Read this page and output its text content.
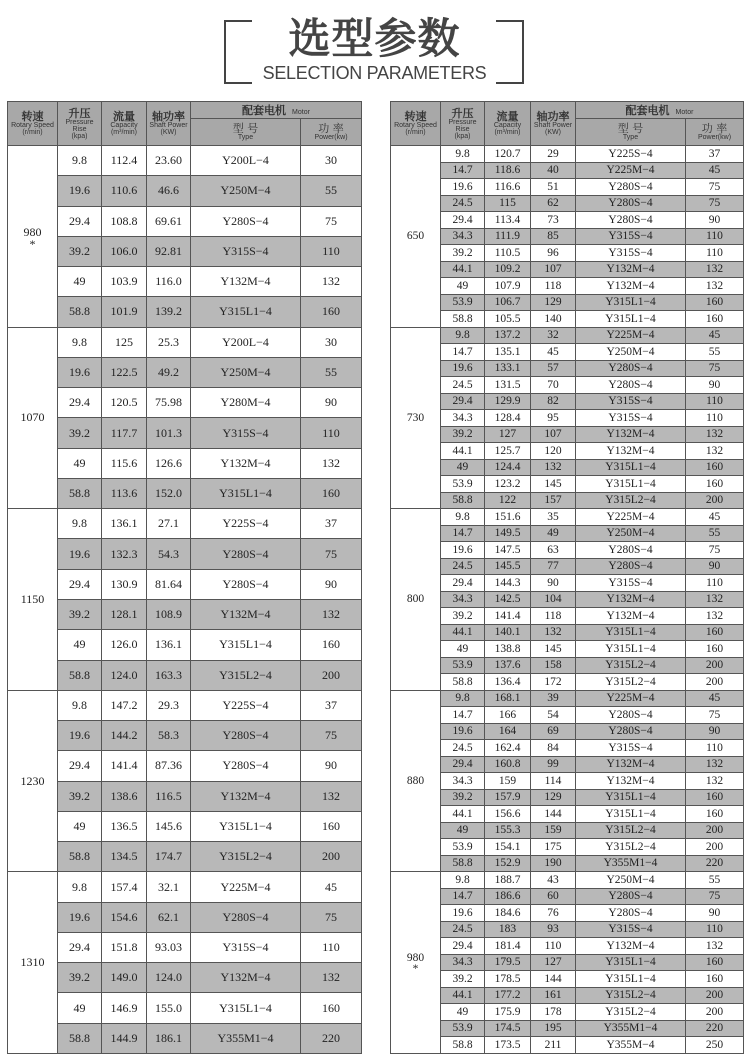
选型参数
SELECTION PARAMETERS
转速
Rotary Speed
(r/min)	升压
Pressure Rise
(kpa)	流量
Capacity
(m³/min)	轴功率
Shaft Power
(KW)	配套电机 Motor	

				型 号
Type	功 率
Power(kw)

980
*	9.8	112.4	23.60	Y200L−4	30
	19.6	110.6	46.6	Y250M−4	55
	29.4	108.8	69.61	Y280S−4	75
	39.2	106.0	92.81	Y315S−4	110
	49	103.9	116.0	Y132M−4	132
	58.8	101.9	139.2	Y315L1−4	160

1070	9.8	125	25.3	Y200L−4	30
	19.6	122.5	49.2	Y250M−4	55
	29.4	120.5	75.98	Y280M−4	90
	39.2	117.7	101.3	Y315S−4	110
	49	115.6	126.6	Y132M−4	132
	58.8	113.6	152.0	Y315L1−4	160

1150	9.8	136.1	27.1	Y225S−4	37
	19.6	132.3	54.3	Y280S−4	75
	29.4	130.9	81.64	Y280S−4	90
	39.2	128.1	108.9	Y132M−4	132
	49	126.0	136.1	Y315L1−4	160
	58.8	124.0	163.3	Y315L2−4	200

1230	9.8	147.2	29.3	Y225S−4	37
	19.6	144.2	58.3	Y280S−4	75
	29.4	141.4	87.36	Y280S−4	90
	39.2	138.6	116.5	Y132M−4	132
	49	136.5	145.6	Y315L1−4	160
	58.8	134.5	174.7	Y315L2−4	200

1310	9.8	157.4	32.1	Y225M−4	45
	19.6	154.6	62.1	Y280S−4	75
	29.4	151.8	93.03	Y315S−4	110
	39.2	149.0	124.0	Y132M−4	132
	49	146.9	155.0	Y315L1−4	160
	58.8	144.9	186.1	Y355M1−4	220
转速
Rotary Speed
(r/min)	升压
Pressure Rise
(kpa)	流量
Capacity
(m³/min)	轴功率
Shaft Power
(KW)	配套电机 Motor	

				型 号
Type	功 率
Power(kw)

650	9.8	120.7	29	Y225S−4	37
	14.7	118.6	40	Y225M−4	45
	19.6	116.6	51	Y280S−4	75
	24.5	115	62	Y280S−4	75
	29.4	113.4	73	Y280S−4	90
	34.3	111.9	85	Y315S−4	110
	39.2	110.5	96	Y315S−4	110
	44.1	109.2	107	Y132M−4	132
	49	107.9	118	Y132M−4	132
	53.9	106.7	129	Y315L1−4	160
	58.8	105.5	140	Y315L1−4	160

730	9.8	137.2	32	Y225M−4	45
	14.7	135.1	45	Y250M−4	55
	19.6	133.1	57	Y280S−4	75
	24.5	131.5	70	Y280S−4	90
	29.4	129.9	82	Y315S−4	110
	34.3	128.4	95	Y315S−4	110
	39.2	127	107	Y132M−4	132
	44.1	125.7	120	Y132M−4	132
	49	124.4	132	Y315L1−4	160
	53.9	123.2	145	Y315L1−4	160
	58.8	122	157	Y315L2−4	200

800	9.8	151.6	35	Y225M−4	45
	14.7	149.5	49	Y250M−4	55
	19.6	147.5	63	Y280S−4	75
	24.5	145.5	77	Y280S−4	90
	29.4	144.3	90	Y315S−4	110
	34.3	142.5	104	Y132M−4	132
	39.2	141.4	118	Y132M−4	132
	44.1	140.1	132	Y315L1−4	160
	49	138.8	145	Y315L1−4	160
	53.9	137.6	158	Y315L2−4	200
	58.8	136.4	172	Y315L2−4	200

880	9.8	168.1	39	Y225M−4	45
	14.7	166	54	Y280S−4	75
	19.6	164	69	Y280S−4	90
	24.5	162.4	84	Y315S−4	110
	29.4	160.8	99	Y132M−4	132
	34.3	159	114	Y132M−4	132
	39.2	157.9	129	Y315L1−4	160
	44.1	156.6	144	Y315L1−4	160
	49	155.3	159	Y315L2−4	200
	53.9	154.1	175	Y315L2−4	200
	58.8	152.9	190	Y355M1−4	220

980
*	9.8	188.7	43	Y250M−4	55
	14.7	186.6	60	Y280S−4	75
	19.6	184.6	76	Y280S−4	90
	24.5	183	93	Y315S−4	110
	29.4	181.4	110	Y132M−4	132
	34.3	179.5	127	Y315L1−4	160
	39.2	178.5	144	Y315L1−4	160
	44.1	177.2	161	Y315L2−4	200
	49	175.9	178	Y315L2−4	200
	53.9	174.5	195	Y355M1−4	220
	58.8	173.5	211	Y355M−4	250
